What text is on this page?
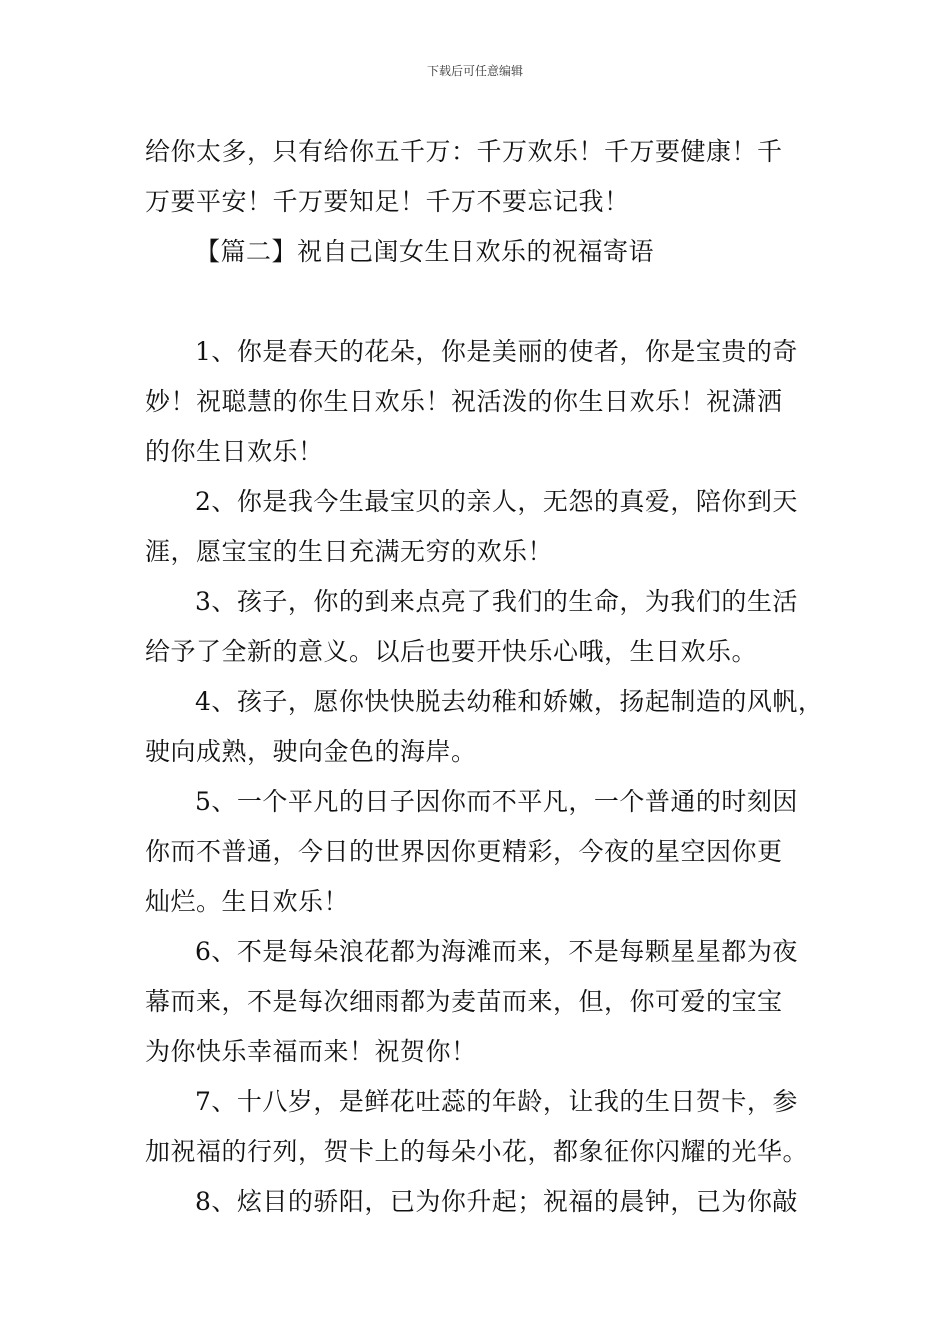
下载后可任意编辑
给你太多，只有给你五千万：千万欢乐！千万要健康！千
万要平安！千万要知足！千万不要忘记我！
【篇二】祝自己闺女生日欢乐的祝福寄语
1、你是春天的花朵，你是美丽的使者，你是宝贵的奇
妙！祝聪慧的你生日欢乐！祝活泼的你生日欢乐！祝潇洒
的你生日欢乐！
2、你是我今生最宝贝的亲人，无怨的真爱，陪你到天
涯，愿宝宝的生日充满无穷的欢乐！
3、孩子，你的到来点亮了我们的生命，为我们的生活
给予了全新的意义。以后也要开快乐心哦，生日欢乐。
4、孩子，愿你快快脱去幼稚和娇嫩，扬起制造的风帆，
驶向成熟，驶向金色的海岸。
5、一个平凡的日子因你而不平凡，一个普通的时刻因
你而不普通，今日的世界因你更精彩，今夜的星空因你更
灿烂。生日欢乐！
6、不是每朵浪花都为海滩而来，不是每颗星星都为夜
幕而来，不是每次细雨都为麦苗而来，但，你可爱的宝宝
为你快乐幸福而来！祝贺你！
7、十八岁，是鲜花吐蕊的年龄，让我的生日贺卡，参
加祝福的行列，贺卡上的每朵小花，都象征你闪耀的光华。
8、炫目的骄阳，已为你升起；祝福的晨钟，已为你敲
